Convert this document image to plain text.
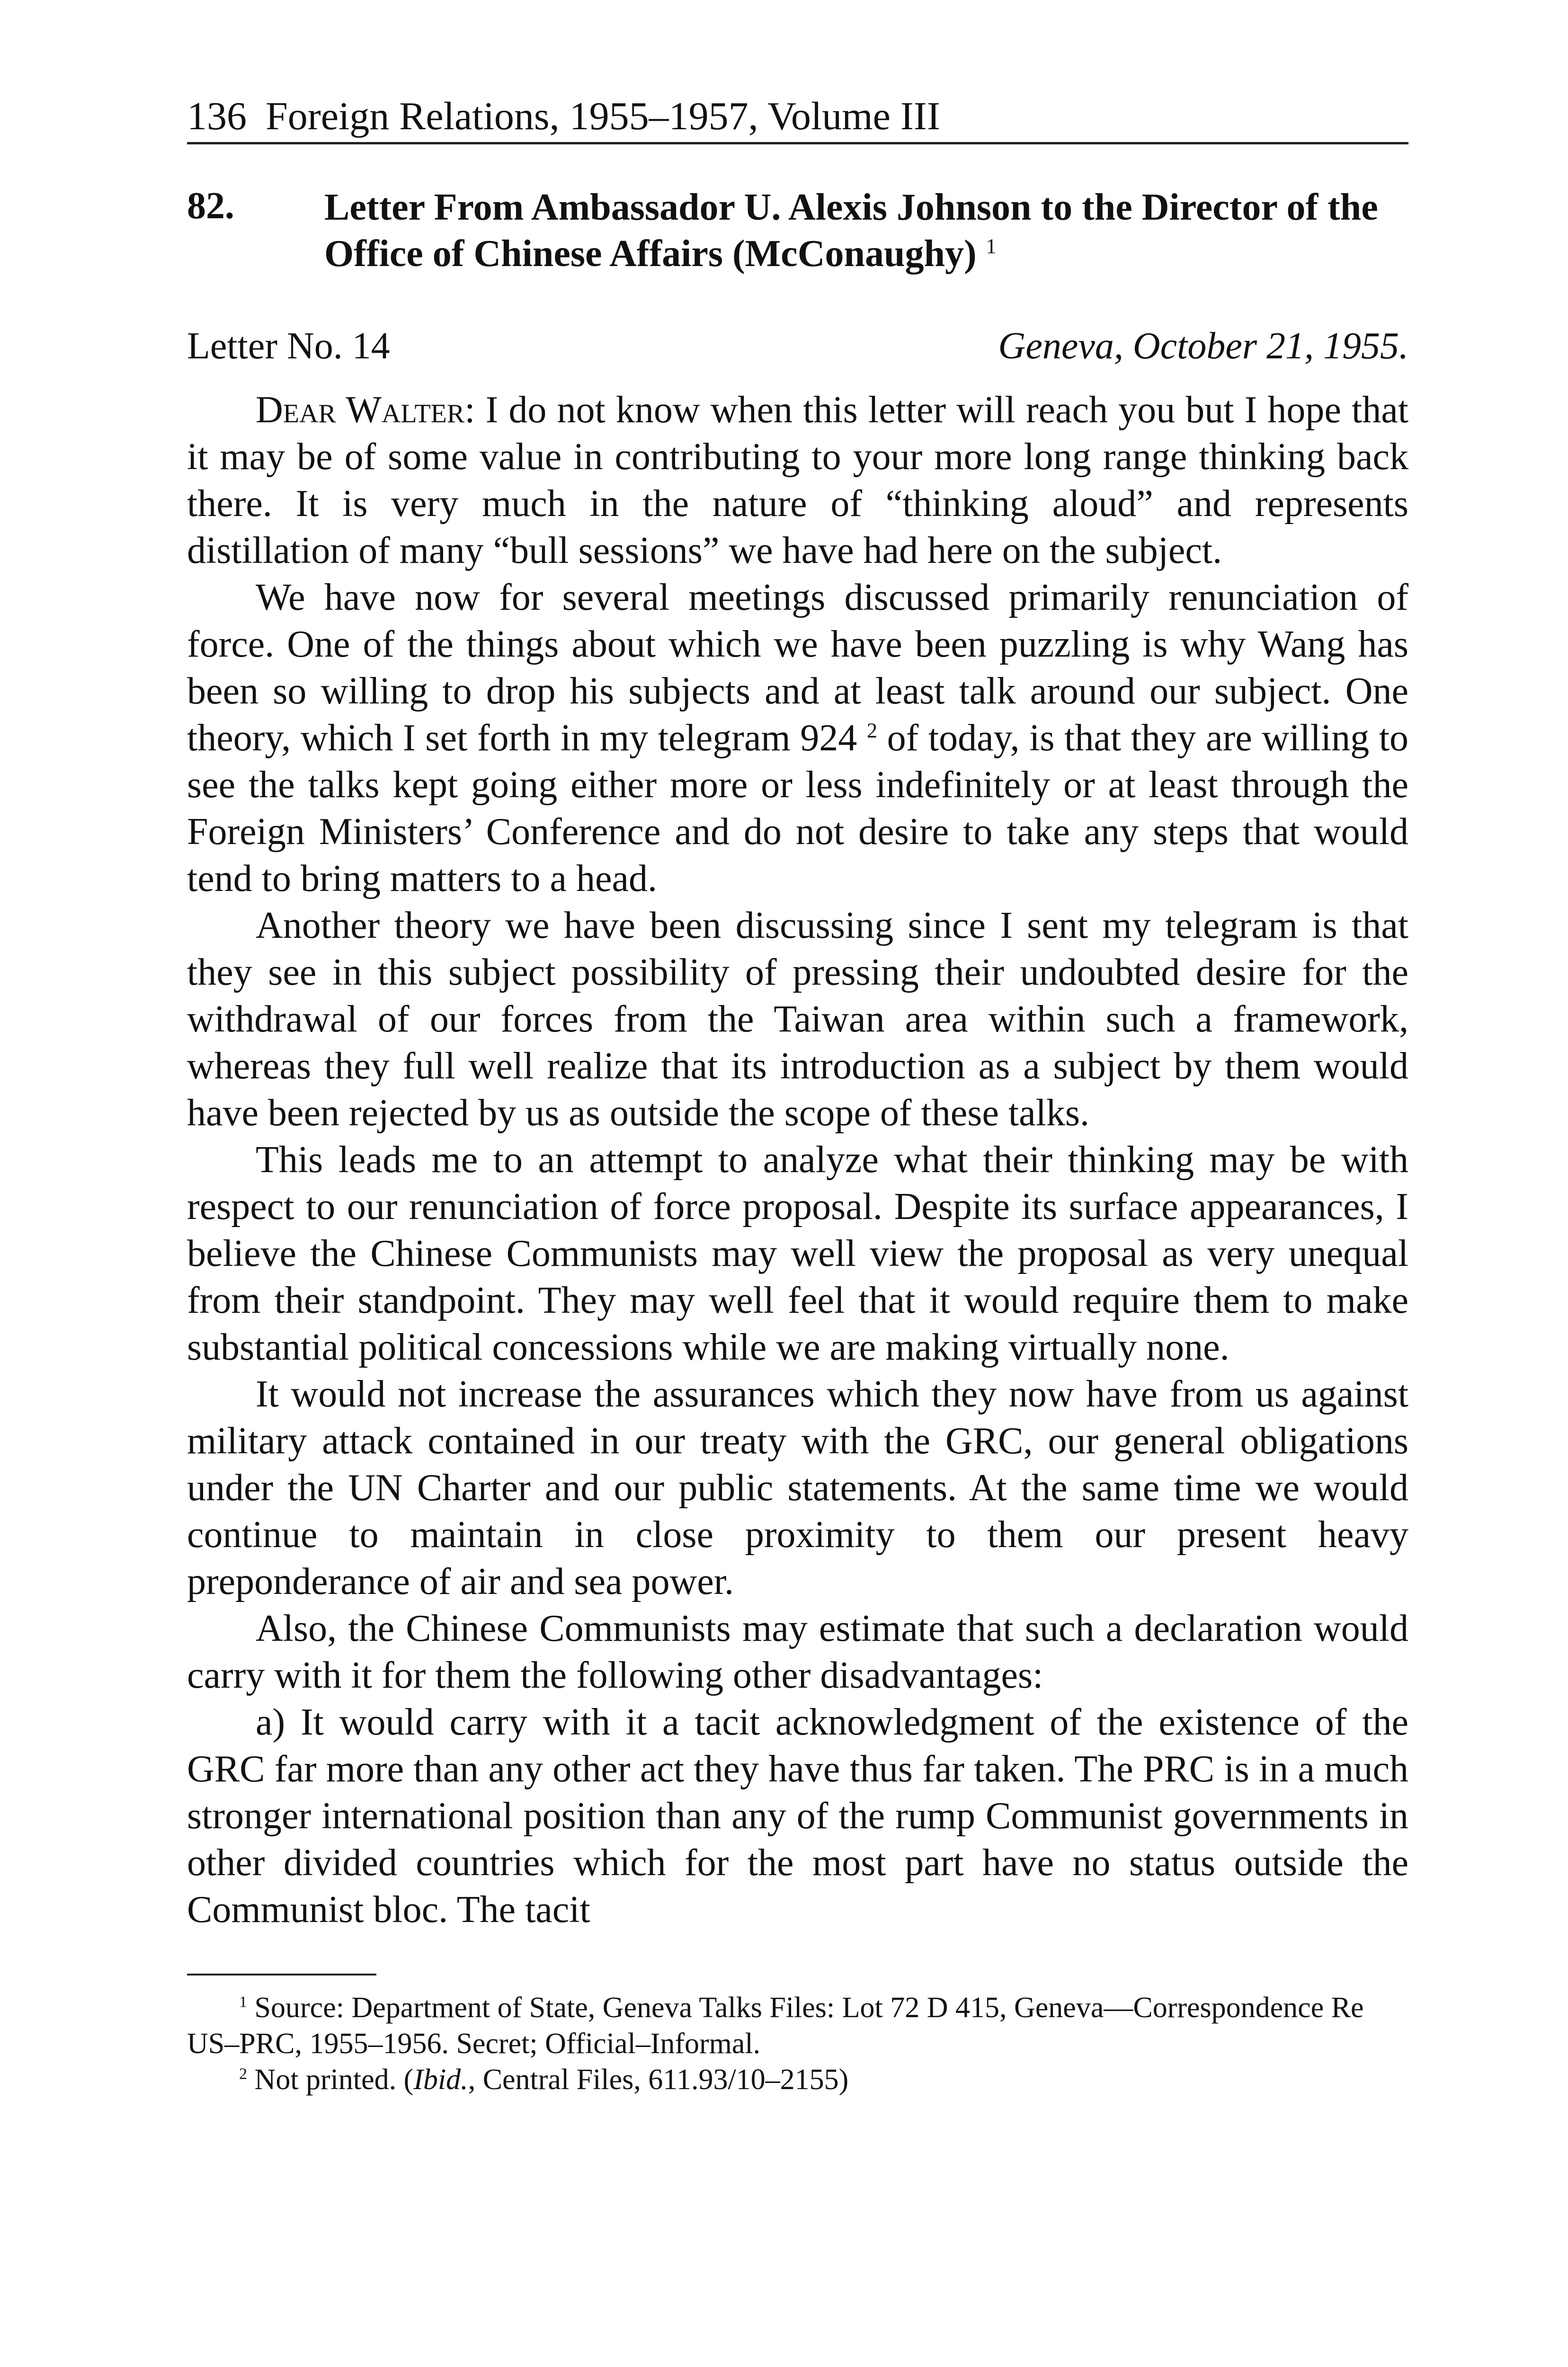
136 Foreign Relations, 1955–1957, Volume III
82.	Letter From Ambassador U. Alexis Johnson to the Director of the Office of Chinese Affairs (McConaughy) $^1$
Letter No. 14	Geneva, October 21, 1955.

Dear Walter: I do not know when this letter will reach you but I hope that it may be of some value in contributing to your more long range thinking back there. It is very much in the nature of “thinking aloud” and represents distillation of many “bull sessions” we have had here on the subject.

We have now for several meetings discussed primarily renunciation of force. One of the things about which we have been puzzling is why Wang has been so willing to drop his subjects and at least talk around our subject. One theory, which I set forth in my telegram 924 $^2$ of today, is that they are willing to see the talks kept going either more or less indefinitely or at least through the Foreign Ministers’ Conference and do not desire to take any steps that would tend to bring matters to a head.

Another theory we have been discussing since I sent my telegram is that they see in this subject possibility of pressing their undoubted desire for the withdrawal of our forces from the Taiwan area within such a framework, whereas they full well realize that its introduction as a subject by them would have been rejected by us as outside the scope of these talks.

This leads me to an attempt to analyze what their thinking may be with respect to our renunciation of force proposal. Despite its surface appearances, I believe the Chinese Communists may well view the proposal as very unequal from their standpoint. They may well feel that it would require them to make substantial political concessions while we are making virtually none.

It would not increase the assurances which they now have from us against military attack contained in our treaty with the GRC, our general obligations under the UN Charter and our public statements. At the same time we would continue to maintain in close proximity to them our present heavy preponderance of air and sea power.

Also, the Chinese Communists may estimate that such a declaration would carry with it for them the following other disadvantages:

a) It would carry with it a tacit acknowledgment of the existence of the GRC far more than any other act they have thus far taken. The PRC is in a much stronger international position than any of the rump Communist governments in other divided countries which for the most part have no status outside the Communist bloc. The tacit

$^1$ Source: Department of State, Geneva Talks Files: Lot 72 D 415, Geneva—Correspondence Re US–PRC, 1955–1956. Secret; Official–Informal.

$^2$ Not printed. (Ibid., Central Files, 611.93/10–2155)
